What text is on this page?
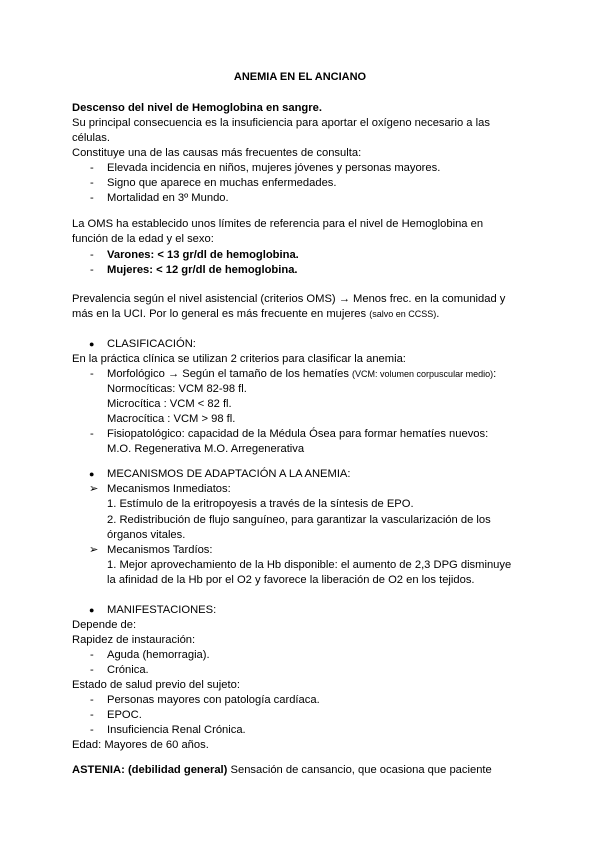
ANEMIA EN EL ANCIANO
Descenso del nivel de Hemoglobina en sangre.
Su principal consecuencia es la insuficiencia para aportar el oxígeno necesario a las
células.
Constituye una de las causas más frecuentes de consulta:
- Elevada incidencia en niños, mujeres jóvenes y personas mayores.
- Signo que aparece en muchas enfermedades.
- Mortalidad en 3º Mundo.
La OMS ha establecido unos límites de referencia para el nivel de Hemoglobina en
función de la edad y el sexo:
- Varones: < 13 gr/dl de hemoglobina.
- Mujeres: < 12 gr/dl de hemoglobina.
Prevalencia según el nivel asistencial (criterios OMS) → Menos frec. en la comunidad y
más en la UCI. Por lo general es más frecuente en mujeres (salvo en CCSS).
● CLASIFICACIÓN:
En la práctica clínica se utilizan 2 criterios para clasificar la anemia:
- Morfológico → Según el tamaño de los hematíes (VCM: volumen corpuscular medio):
Normocíticas: VCM 82-98 fl.
Microcítica : VCM < 82 fl.
Macrocítica : VCM > 98 fl.
- Fisiopatológico: capacidad de la Médula Ósea para formar hematíes nuevos:
M.O. Regenerativa M.O. Arregenerativa
● MECANISMOS DE ADAPTACIÓN A LA ANEMIA:
➢ Mecanismos Inmediatos:
1. Estímulo de la eritropoyesis a través de la síntesis de EPO.
2. Redistribución de flujo sanguíneo, para garantizar la vascularización de los
órganos vitales.
➢ Mecanismos Tardíos:
1. Mejor aprovechamiento de la Hb disponible: el aumento de 2,3 DPG disminuye
la afinidad de la Hb por el O2 y favorece la liberación de O2 en los tejidos.
● MANIFESTACIONES:
Depende de:
Rapidez de instauración:
- Aguda (hemorragia).
- Crónica.
Estado de salud previo del sujeto:
- Personas mayores con patología cardíaca.
- EPOC.
- Insuficiencia Renal Crónica.
Edad: Mayores de 60 años.
ASTENIA: (debilidad general) Sensación de cansancio, que ocasiona que paciente
